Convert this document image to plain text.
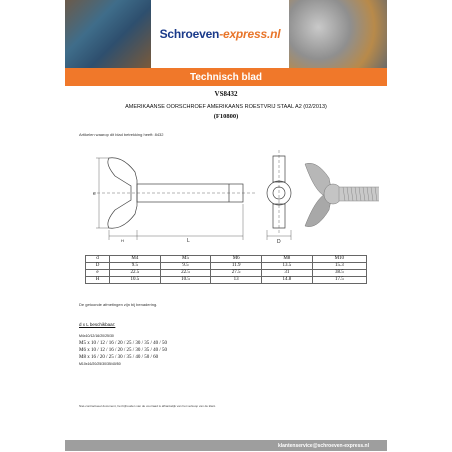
Schroeven-express.nl
Technisch blad
VS8432
AMERIKAANSE OORSCHROEF AMERIKAANS ROESTVRIJ STAAL A2 (02/2013)
(F10800)
Artikelen waarop dit blad betrekking heeft: 8432
e
H	L	D
d	M4	M5	M6	M8	M10
D	9.5	9.5	11.9	13.5	15.3
e	22.5	22.5	27.5	31	38.5
H	10.5	10.5	13	14.8	17.5
De getoonde afmetingen zijn bij benadering.
d x L beschikbaar:
M4x10/12/16/20/25/30
M5 x 10 / 12 / 16 / 20 / 25 / 30 / 35 / 40 / 50
M6 x 10 / 12 / 16 / 20 / 25 / 30 / 35 / 40 / 50
M8 x 16 / 20 / 25 / 30 / 35 / 40 / 50 / 60
M10x16/20/25/30/35/40/50
Niet-contractueel document, het bijhouden van de voorraad is afhankelijk van het verkoop van de klant.
klantenservice@schroeven-express.nl
